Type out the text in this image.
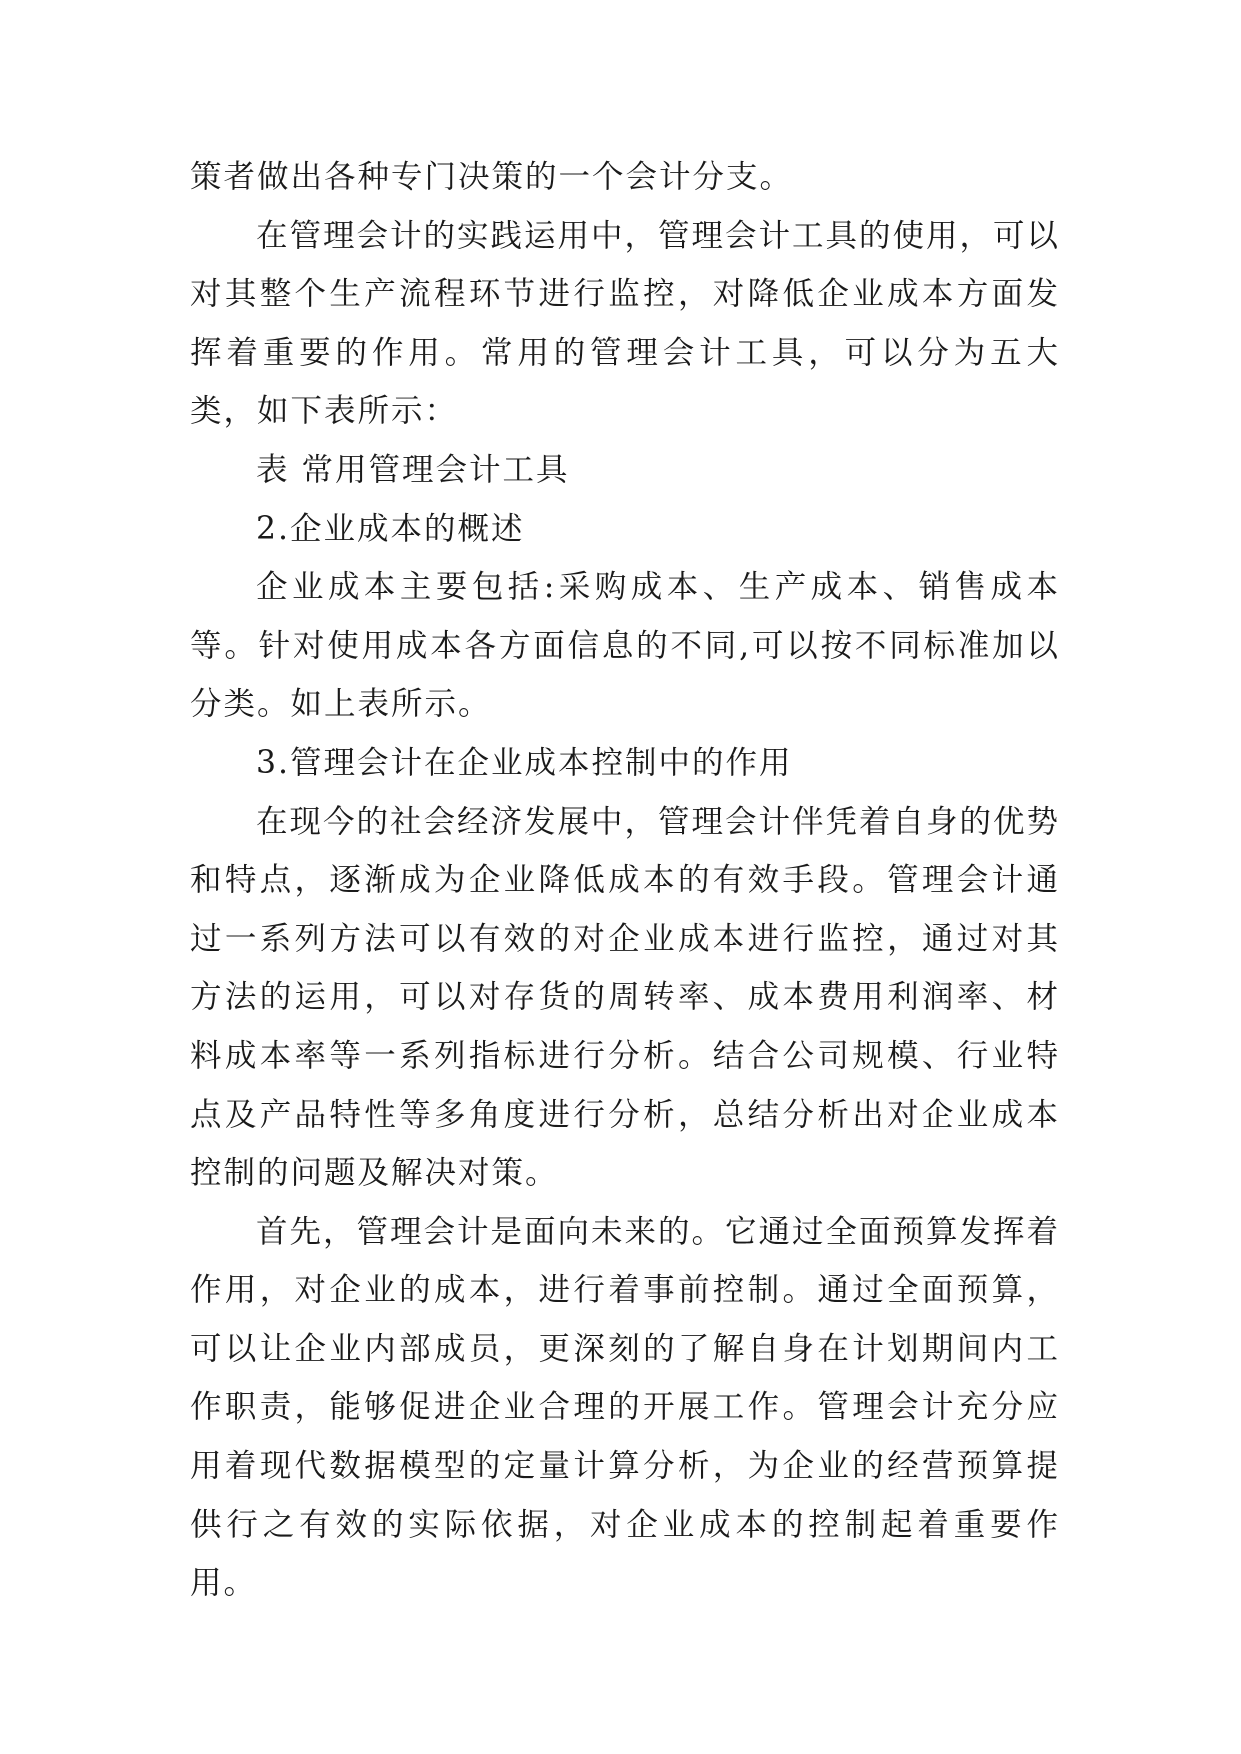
策者做出各种专门决策的一个会计分支。

在管理会计的实践运用中，管理会计工具的使用，可以对其整个生产流程环节进行监控，对降低企业成本方面发挥着重要的作用。常用的管理会计工具，可以分为五大类，如下表所示：

表 常用管理会计工具

2.企业成本的概述

企业成本主要包括:采购成本、生产成本、销售成本等。针对使用成本各方面信息的不同,可以按不同标准加以分类。如上表所示。

3.管理会计在企业成本控制中的作用

在现今的社会经济发展中，管理会计伴凭着自身的优势和特点，逐渐成为企业降低成本的有效手段。管理会计通过一系列方法可以有效的对企业成本进行监控，通过对其方法的运用，可以对存货的周转率、成本费用利润率、材料成本率等一系列指标进行分析。结合公司规模、行业特点及产品特性等多角度进行分析，总结分析出对企业成本控制的问题及解决对策。

首先，管理会计是面向未来的。它通过全面预算发挥着作用，对企业的成本，进行着事前控制。通过全面预算，可以让企业内部成员，更深刻的了解自身在计划期间内工作职责，能够促进企业合理的开展工作。管理会计充分应用着现代数据模型的定量计算分析，为企业的经营预算提供行之有效的实际依据，对企业成本的控制起着重要作用。
